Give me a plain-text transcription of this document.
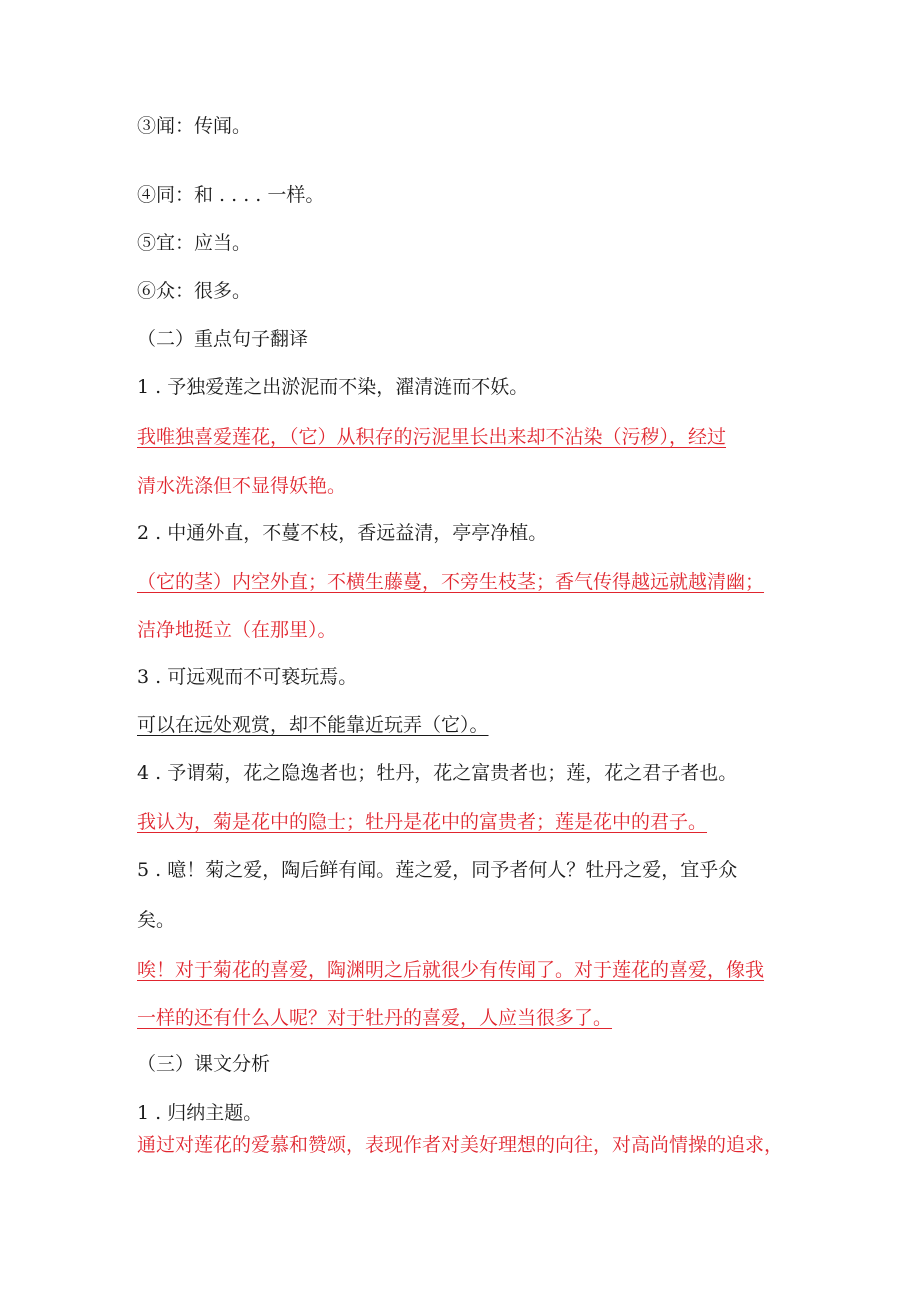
③闻：传闻。

④同：和 . . . . 一样。

⑤宜：应当。

⑥众：很多。

（二）重点句子翻译

1 . 予独爱莲之出淤泥而不染，濯清涟而不妖。

我唯独喜爱莲花，（它）从积存的污泥里长出来却不沾染（污秽），经过

清水洗涤但不显得妖艳。

2 . 中通外直，不蔓不枝，香远益清，亭亭净植。

（它的茎）内空外直；不横生藤蔓，不旁生枝茎；香气传得越远就越清幽；

洁净地挺立（在那里）。

3 . 可远观而不可亵玩焉。

可以在远处观赏，却不能靠近玩弄（它）。

4 . 予谓菊，花之隐逸者也；牡丹，花之富贵者也；莲，花之君子者也。

我认为，菊是花中的隐士；牡丹是花中的富贵者；莲是花中的君子。

5 . 噫！菊之爱，陶后鲜有闻。莲之爱，同予者何人？牡丹之爱，宜乎众

矣。

唉！对于菊花的喜爱，陶渊明之后就很少有传闻了。对于莲花的喜爱，像我

一样的还有什么人呢？对于牡丹的喜爱，人应当很多了。

（三）课文分析

1 . 归纳主题。

通过对莲花的爱慕和赞颂，表现作者对美好理想的向往，对高尚情操的追求，
